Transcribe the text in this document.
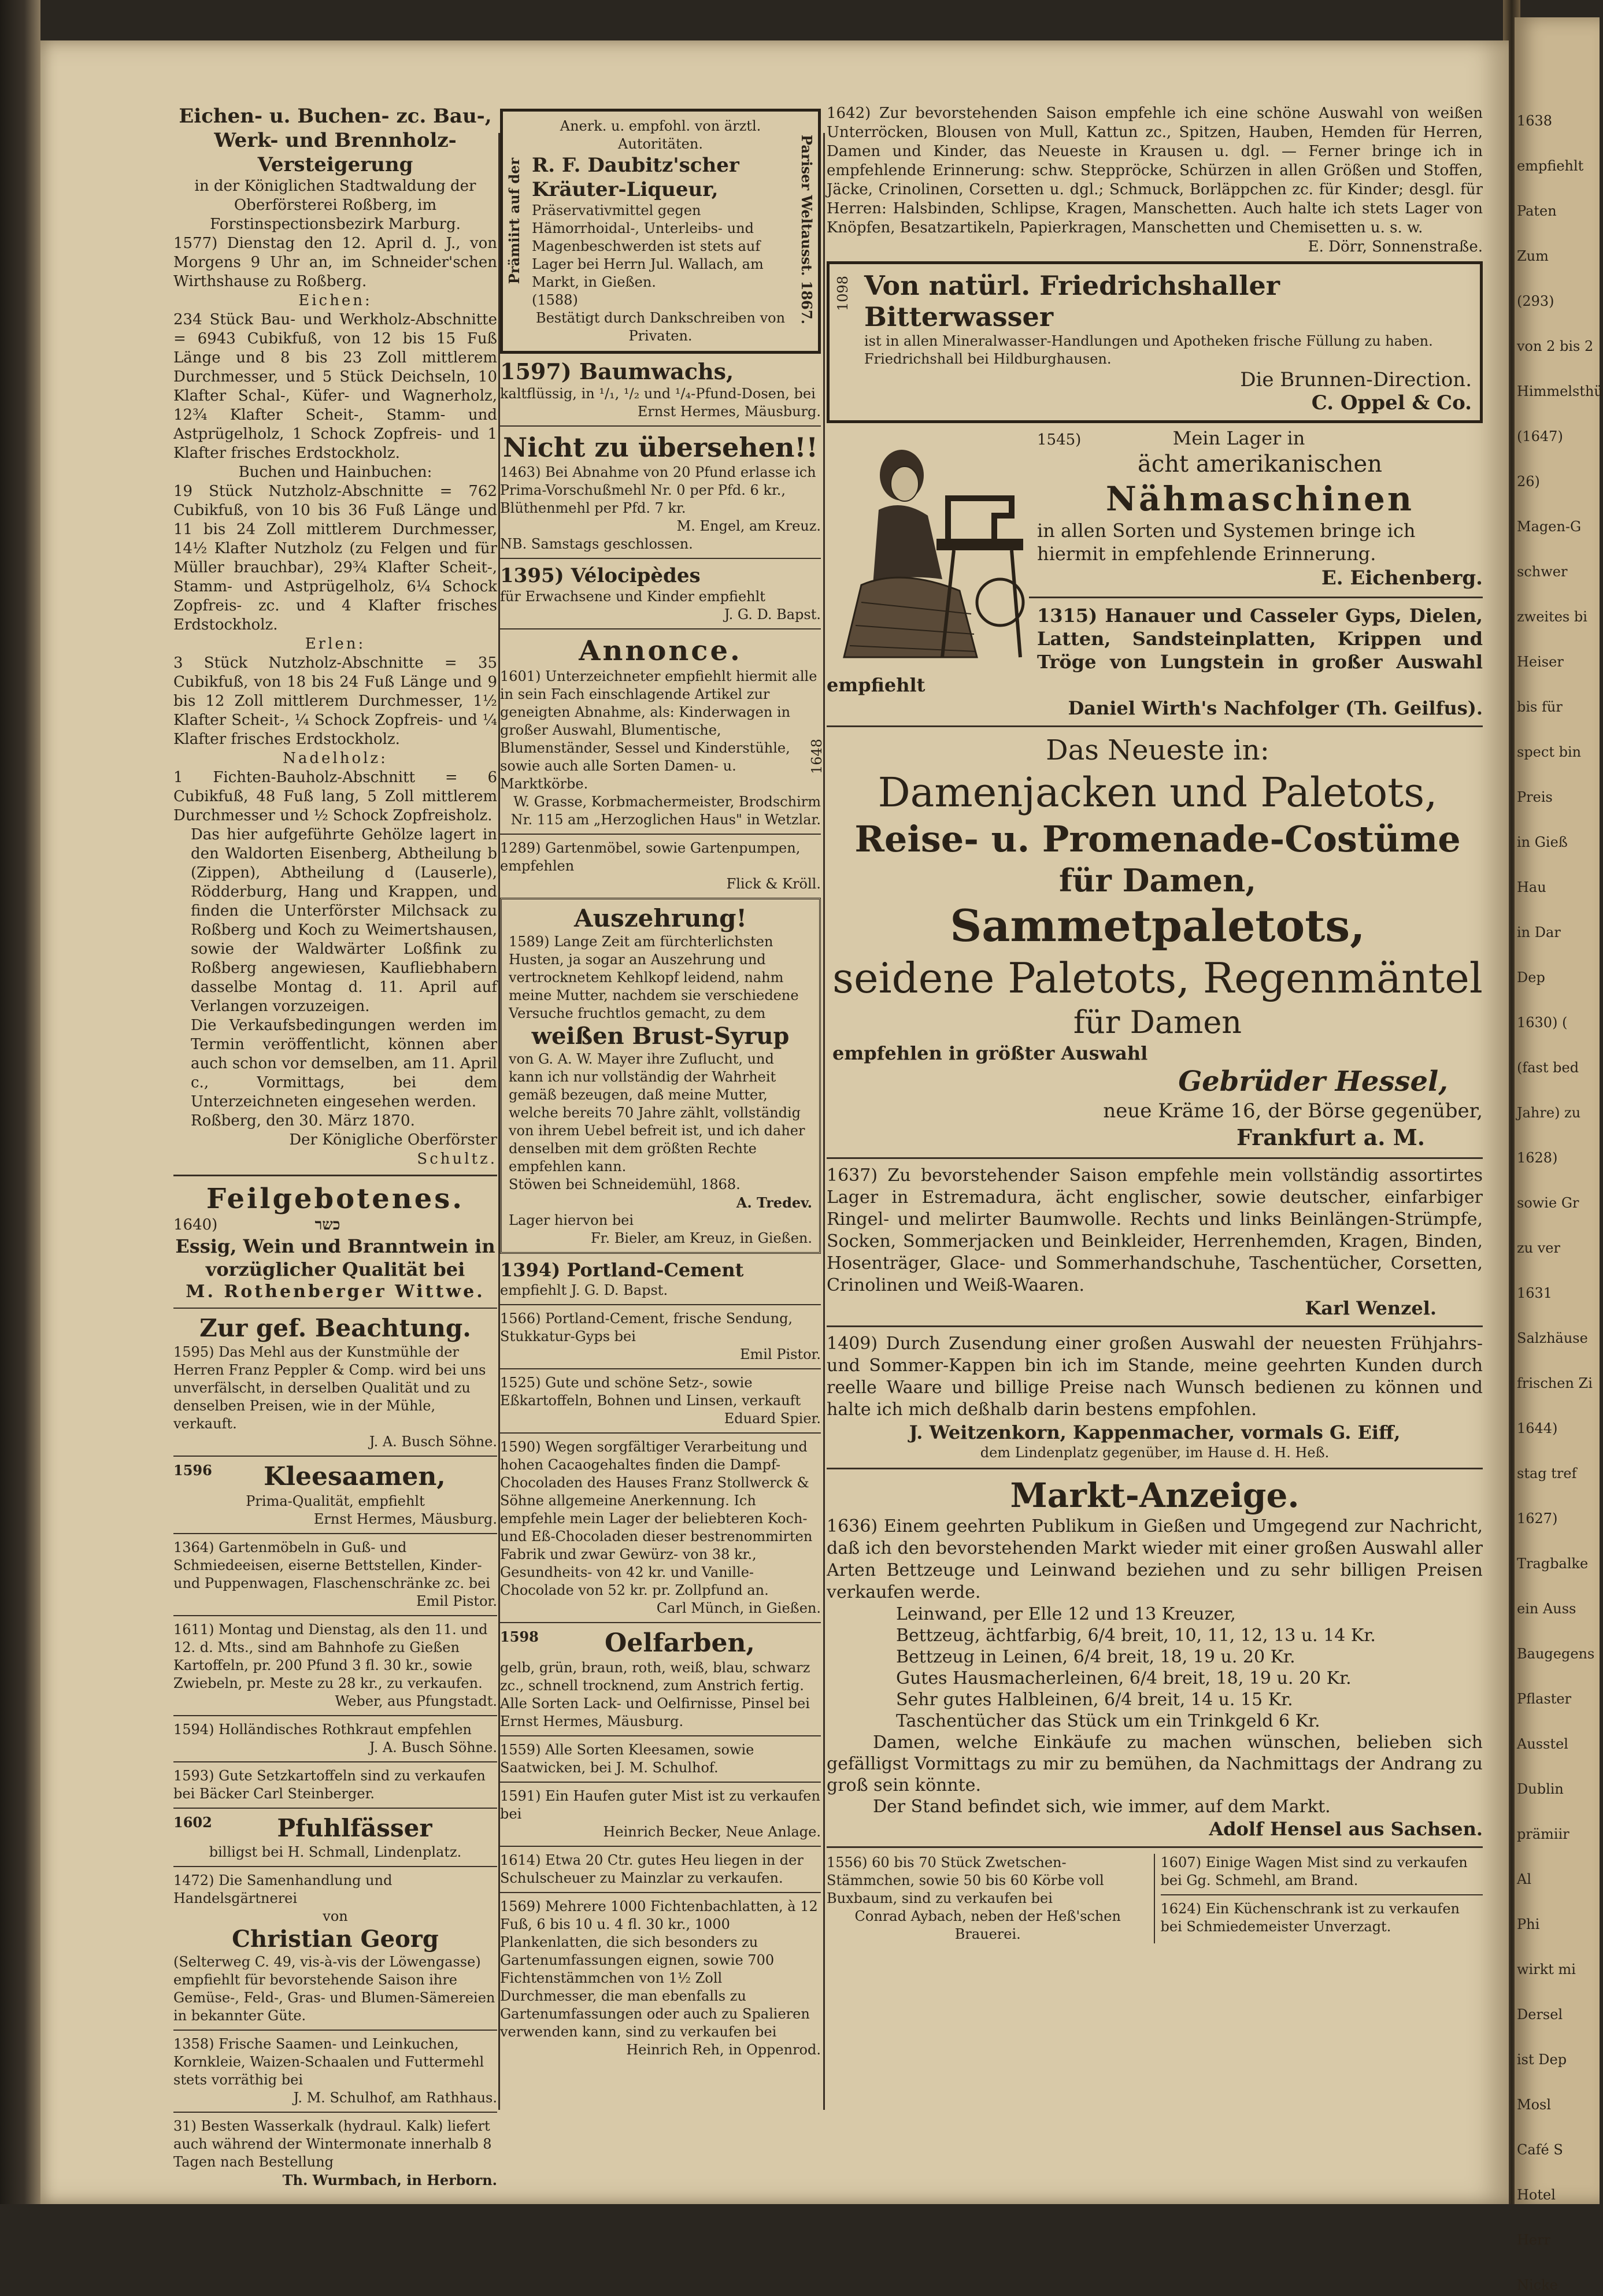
Eichen- u. Buchen- zc. Bau-, Werk- und Brennholz-Versteigerung

in der Königlichen Stadtwaldung der Oberförsterei Roßberg, im Forstinspectionsbezirk Marburg.

1577) Dienstag den 12. April d. J., von Morgens 9 Uhr an, im Schneider'schen Wirthshause zu Roßberg.

Eichen:

234 Stück Bau- und Werkholz-Abschnitte = 6943 Cubikfuß, von 12 bis 15 Fuß Länge und 8 bis 23 Zoll mittlerem Durchmesser, und 5 Stück Deichseln, 10 Klafter Schal-, Küfer- und Wagnerholz, 12¾ Klafter Scheit-, Stamm- und Astprügelholz, 1 Schock Zopfreis- und 1 Klafter frisches Erdstockholz.

Buchen und Hainbuchen:

19 Stück Nutzholz-Abschnitte = 762 Cubikfuß, von 10 bis 36 Fuß Länge und 11 bis 24 Zoll mittlerem Durchmesser, 14½ Klafter Nutzholz (zu Felgen und für Müller brauchbar), 29¾ Klafter Scheit-, Stamm- und Astprügelholz, 6¼ Schock Zopfreis- zc. und 4 Klafter frisches Erdstockholz.

Erlen:

3 Stück Nutzholz-Abschnitte = 35 Cubikfuß, von 18 bis 24 Fuß Länge und 9 bis 12 Zoll mittlerem Durchmesser, 1½ Klafter Scheit-, ¼ Schock Zopfreis- und ¼ Klafter frisches Erdstockholz.

Nadelholz:

1 Fichten-Bauholz-Abschnitt = 6 Cubikfuß, 48 Fuß lang, 5 Zoll mittlerem Durchmesser und ½ Schock Zopfreisholz.

Das hier aufgeführte Gehölze lagert in den Waldorten Eisenberg, Abtheilung b (Zippen), Abtheilung d (Lauserle), Rödderburg, Hang und Krappen, und finden die Unterförster Milchsack zu Roßberg und Koch zu Weimertshausen, sowie der Waldwärter Loßfink zu Roßberg angewiesen, Kaufliebhabern dasselbe Montag d. 11. April auf Verlangen vorzuzeigen.

Die Verkaufsbedingungen werden im Termin veröffentlicht, können aber auch schon vor demselben, am 11. April c., Vormittags, bei dem Unterzeichneten eingesehen werden.

Roßberg, den 30. März 1870.

Der Königliche Oberförster

Schultz.

Feilgebotenes.

1640)	כשר

Essig, Wein und Branntwein in vorzüglicher Qualität bei

M. Rothenberger Wittwe.

Zur gef. Beachtung.

1595) Das Mehl aus der Kunstmühle der Herren Franz Peppler & Comp. wird bei uns unverfälscht, in derselben Qualität und zu denselben Preisen, wie in der Mühle, verkauft.

J. A. Busch Söhne.

1596 Kleesaamen,

Prima-Qualität, empfiehlt

Ernst Hermes, Mäusburg.

1364) Gartenmöbeln in Guß- und Schmiedeeisen, eiserne Bettstellen, Kinder- und Puppenwagen, Flaschenschränke zc. bei

Emil Pistor.

1611) Montag und Dienstag, als den 11. und 12. d. Mts., sind am Bahnhofe zu Gießen Kartoffeln, pr. 200 Pfund 3 fl. 30 kr., sowie Zwiebeln, pr. Meste zu 28 kr., zu verkaufen.

Weber, aus Pfungstadt.

1594) Holländisches Rothkraut empfehlen

J. A. Busch Söhne.

1593) Gute Setzkartoffeln sind zu verkaufen bei Bäcker Carl Steinberger.

1602	Pfuhlfässer

billigst bei H. Schmall, Lindenplatz.

1472) Die Samenhandlung und Handelsgärtnerei

von

Christian Georg

(Selterweg C. 49, vis-à-vis der Löwengasse) empfiehlt für bevorstehende Saison ihre Gemüse-, Feld-, Gras- und Blumen-Sämereien in bekannter Güte.

1358) Frische Saamen- und Leinkuchen, Kornkleie, Waizen-Schaalen und Futtermehl stets vorräthig bei

J. M. Schulhof, am Rathhaus.

31) Besten Wasserkalk (hydraul. Kalk) liefert auch während der Wintermonate innerhalb 8 Tagen nach Bestellung

Th. Wurmbach, in Herborn.

Anerk. u. empfohl. von ärztl. Autoritäten.

Prämiirt auf der	Pariser Weltausst. 1867.

R. F. Daubitz'scher Kräuter-Liqueur,

Präservativmittel gegen Hämorrhoidal-, Unterleibs- und Magenbeschwerden ist stets auf Lager bei Herrn Jul. Wallach, am Markt, in Gießen.

(1588)

Bestätigt durch Dankschreiben von Privaten.

1597) Baumwachs,

kaltflüssig, in ¹/₁, ¹/₂ und ¹/₄-Pfund-Dosen, bei

Ernst Hermes, Mäusburg.

Nicht zu übersehen!!

1463) Bei Abnahme von 20 Pfund erlasse ich Prima-Vorschußmehl Nr. 0 per Pfd. 6 kr., Blüthenmehl per Pfd. 7 kr.

M. Engel, am Kreuz.

NB. Samstags geschlossen.

1395) Vélocipèdes

für Erwachsene und Kinder empfiehlt

J. G. D. Bapst.

Annonce.

1601) Unterzeichneter empfiehlt hiermit alle in sein Fach einschlagende Artikel zur geneigten Abnahme, als: Kinderwagen in großer Auswahl, Blumentische, Blumenständer, Sessel und Kinderstühle, sowie auch alle Sorten Damen- u. Marktkörbe.

W. Grasse, Korbmachermeister, Brodschirm Nr. 115 am „Herzoglichen Haus" in Wetzlar.

1289) Gartenmöbel, sowie Gartenpumpen, empfehlen

Flick & Kröll.

Auszehrung!

1589) Lange Zeit am fürchterlichsten Husten, ja sogar an Auszehrung und vertrocknetem Kehlkopf leidend, nahm meine Mutter, nachdem sie verschiedene Versuche fruchtlos gemacht, zu dem

weißen Brust-Syrup

von G. A. W. Mayer ihre Zuflucht, und kann ich nur vollständig der Wahrheit gemäß bezeugen, daß meine Mutter, welche bereits 70 Jahre zählt, vollständig von ihrem Uebel befreit ist, und ich daher denselben mit dem größten Rechte empfehlen kann.

Stöwen bei Schneidemühl, 1868.

A. Tredev.

Lager hiervon bei

Fr. Bieler, am Kreuz, in Gießen.

1394) Portland-Cement

empfiehlt J. G. D. Bapst.

1566) Portland-Cement, frische Sendung, Stukkatur-Gyps bei

Emil Pistor.

1525) Gute und schöne Setz-, sowie Eßkartoffeln, Bohnen und Linsen, verkauft

Eduard Spier.

1590) Wegen sorgfältiger Verarbeitung und hohen Cacaogehaltes finden die Dampf-Chocoladen des Hauses Franz Stollwerck & Söhne allgemeine Anerkennung. Ich empfehle mein Lager der beliebteren Koch- und Eß-Chocoladen dieser bestrenommirten Fabrik und zwar Gewürz- von 38 kr., Gesundheits- von 42 kr. und Vanille-Chocolade von 52 kr. pr. Zollpfund an.

Carl Münch, in Gießen.

1598	Oelfarben,

gelb, grün, braun, roth, weiß, blau, schwarz zc., schnell trocknend, zum Anstrich fertig. Alle Sorten Lack- und Oelfirnisse, Pinsel bei Ernst Hermes, Mäusburg.

1559) Alle Sorten Kleesamen, sowie Saatwicken, bei J. M. Schulhof.

1591) Ein Haufen guter Mist ist zu verkaufen bei

Heinrich Becker, Neue Anlage.

1614) Etwa 20 Ctr. gutes Heu liegen in der Schulscheuer zu Mainzlar zu verkaufen.

1569) Mehrere 1000 Fichtenbachlatten, à 12 Fuß, 6 bis 10 u. 4 fl. 30 kr., 1000 Plankenlatten, die sich besonders zu Gartenumfassungen eignen, sowie 700 Fichtenstämmchen von 1½ Zoll Durchmesser, die man ebenfalls zu Gartenumfassungen oder auch zu Spalieren verwenden kann, sind zu verkaufen bei

Heinrich Reh, in Oppenrod.

1642) Zur bevorstehenden Saison empfehle ich eine schöne Auswahl von weißen Unterröcken, Blousen von Mull, Kattun zc., Spitzen, Hauben, Hemden für Herren, Damen und Kinder, das Neueste in Krausen u. dgl. — Ferner bringe ich in empfehlende Erinnerung: schw. Steppröcke, Schürzen in allen Größen und Stoffen, Jäcke, Crinolinen, Corsetten u. dgl.; Schmuck, Borläppchen zc. für Kinder; desgl. für Herren: Halsbinden, Schlipse, Kragen, Manschetten. Auch halte ich stets Lager von Knöpfen, Besatzartikeln, Papierkragen, Manschetten und Chemisetten u. s. w.

E. Dörr, Sonnenstraße.

1098 Von natürl. Friedrichshaller Bitterwasser

ist in allen Mineralwasser-Handlungen und Apotheken frische Füllung zu haben.

Friedrichshall bei Hildburghausen.

Die Brunnen-Direction.

C. Oppel & Co.

1545)	Mein Lager in

ächt amerikanischen

Nähmaschinen

in allen Sorten und Systemen bringe ich hiermit in empfehlende Erinnerung.

E. Eichenberg.

1315) Hanauer und Casseler Gyps, Dielen, Latten, Sandsteinplatten, Krippen und Tröge von Lungstein in großer Auswahl empfiehlt

Daniel Wirth's Nachfolger (Th. Geilfus).

1648	Das Neueste in:

Damenjacken und Paletots,

Reise- u. Promenade-Costüme

für Damen,

Sammetpaletots,

seidene Paletots, Regenmäntel

für Damen

empfehlen in größter Auswahl

Gebrüder Hessel,

neue Kräme 16, der Börse gegenüber,

Frankfurt a. M.

1637) Zu bevorstehender Saison empfehle mein vollständig assortirtes Lager in Estremadura, ächt englischer, sowie deutscher, einfarbiger Ringel- und melirter Baumwolle. Rechts und links Beinlängen-Strümpfe, Socken, Sommerjacken und Beinkleider, Herrenhemden, Kragen, Binden, Hosenträger, Glace- und Sommerhandschuhe, Taschentücher, Corsetten, Crinolinen und Weiß-Waaren.

Karl Wenzel.

1409) Durch Zusendung einer großen Auswahl der neuesten Frühjahrs- und Sommer-Kappen bin ich im Stande, meine geehrten Kunden durch reelle Waare und billige Preise nach Wunsch bedienen zu können und halte ich mich deßhalb darin bestens empfohlen.

J. Weitzenkorn, Kappenmacher, vormals G. Eiff,

dem Lindenplatz gegenüber, im Hause d. H. Heß.

Markt-Anzeige.

1636) Einem geehrten Publikum in Gießen und Umgegend zur Nachricht, daß ich den bevorstehenden Markt wieder mit einer großen Auswahl aller Arten Bettzeuge und Leinwand beziehen und zu sehr billigen Preisen verkaufen werde.

Leinwand, per Elle 12 und 13 Kreuzer,

Bettzeug, ächtfarbig, 6/4 breit, 10, 11, 12, 13 u. 14 Kr.

Bettzeug in Leinen, 6/4 breit, 18, 19 u. 20 Kr.

Gutes Hausmacherleinen, 6/4 breit, 18, 19 u. 20 Kr.

Sehr gutes Halbleinen, 6/4 breit, 14 u. 15 Kr.

Taschentücher das Stück um ein Trinkgeld 6 Kr.

Damen, welche Einkäufe zu machen wünschen, belieben sich gefälligst Vormittags zu mir zu bemühen, da Nachmittags der Andrang zu groß sein könnte.

Der Stand befindet sich, wie immer, auf dem Markt.

Adolf Hensel aus Sachsen.

1556) 60 bis 70 Stück Zwetschen-Stämmchen, sowie 50 bis 60 Körbe voll Buxbaum, sind zu verkaufen bei

Conrad Aybach, neben der Heß'schen Brauerei.

1607) Einige Wagen Mist sind zu verkaufen bei Gg. Schmehl, am Brand.

1624) Ein Küchenschrank ist zu verkaufen bei Schmiedemeister Unverzagt.

1638
empfiehlt
Paten
Zum
(293)
von 2 bis 2
Himmelsthü
(1647)
26)
Magen-G
schwer
zweites bi
Heiser
bis für
spect bin
Preis
in Gieß
Hau
in Dar
Dep
1630) (
(fast bed
Jahre) zu
1628)
sowie Gr
zu ver
1631
Salzhäuse
frischen Zi
1644)
stag tref
1627)
Tragbalke
ein Auss
Baugegens
Pflaster
Ausstel
Dublin
prämiir
Al
Phi
wirkt mi
Dersel
ist Dep
Mosl
Café S
Hotel
Herr
Nicke
